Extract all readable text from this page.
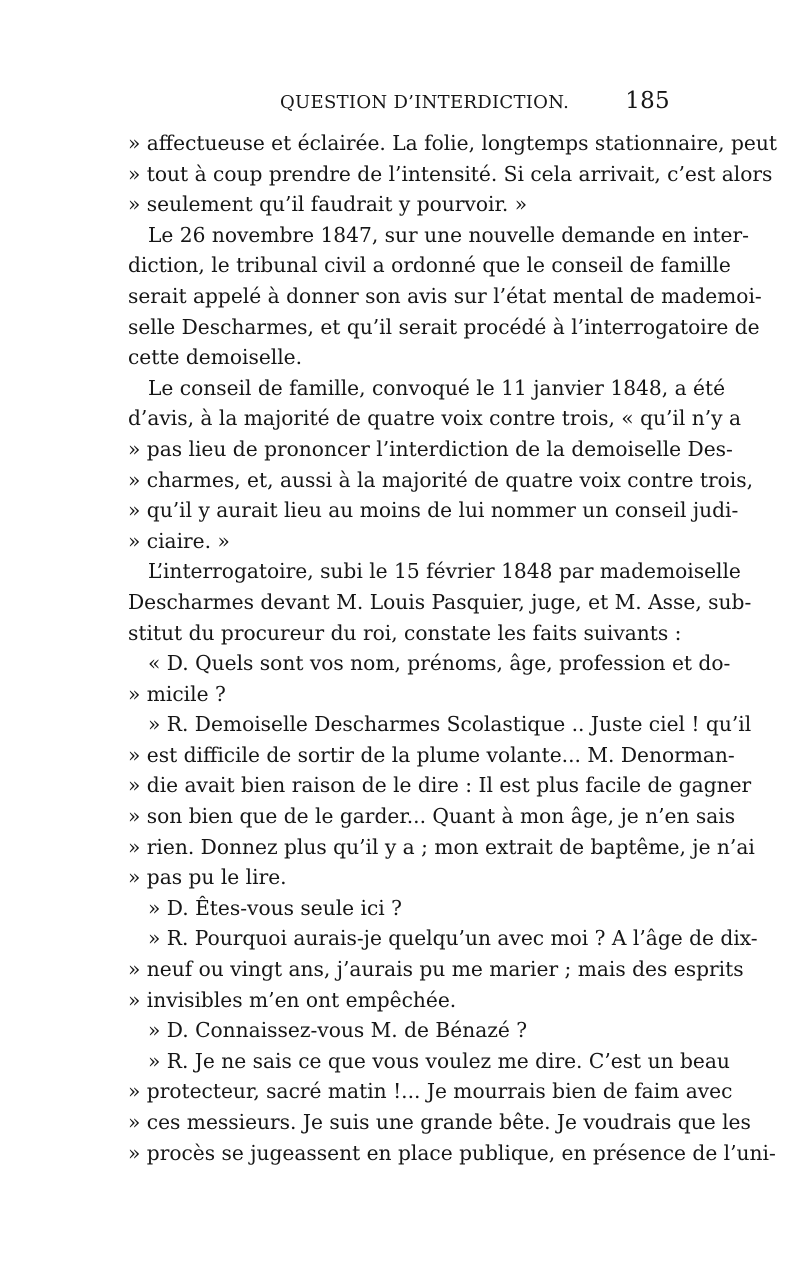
QUESTION D’INTERDICTION. 185
» affectueuse et éclairée. La folie, longtemps stationnaire, peut
» tout à coup prendre de l’intensité. Si cela arrivait, c’est alors
» seulement qu’il faudrait y pourvoir. »
Le 26 novembre 1847, sur une nouvelle demande en inter-
diction, le tribunal civil a ordonné que le conseil de famille
serait appelé à donner son avis sur l’état mental de mademoi-
selle Descharmes, et qu’il serait procédé à l’interrogatoire de
cette demoiselle.
Le conseil de famille, convoqué le 11 janvier 1848, a été
d’avis, à la majorité de quatre voix contre trois, « qu’il n’y a
» pas lieu de prononcer l’interdiction de la demoiselle Des-
» charmes, et, aussi à la majorité de quatre voix contre trois,
» qu’il y aurait lieu au moins de lui nommer un conseil judi-
» ciaire. »
L’interrogatoire, subi le 15 février 1848 par mademoiselle
Descharmes devant M. Louis Pasquier, juge, et M. Asse, sub-
stitut du procureur du roi, constate les faits suivants :
« D. Quels sont vos nom, prénoms, âge, profession et do-
» micile ?
» R. Demoiselle Descharmes Scolastique .. Juste ciel ! qu’il
» est difficile de sortir de la plume volante... M. Denorman-
» die avait bien raison de le dire : Il est plus facile de gagner
» son bien que de le garder... Quant à mon âge, je n’en sais
» rien. Donnez plus qu’il y a ; mon extrait de baptême, je n’ai
» pas pu le lire.
» D. Êtes-vous seule ici ?
» R. Pourquoi aurais-je quelqu’un avec moi ? A l’âge de dix-
» neuf ou vingt ans, j’aurais pu me marier ; mais des esprits
» invisibles m’en ont empêchée.
» D. Connaissez-vous M. de Bénazé ?
» R. Je ne sais ce que vous voulez me dire. C’est un beau
» protecteur, sacré matin !... Je mourrais bien de faim avec
» ces messieurs. Je suis une grande bête. Je voudrais que les
» procès se jugeassent en place publique, en présence de l’uni-
